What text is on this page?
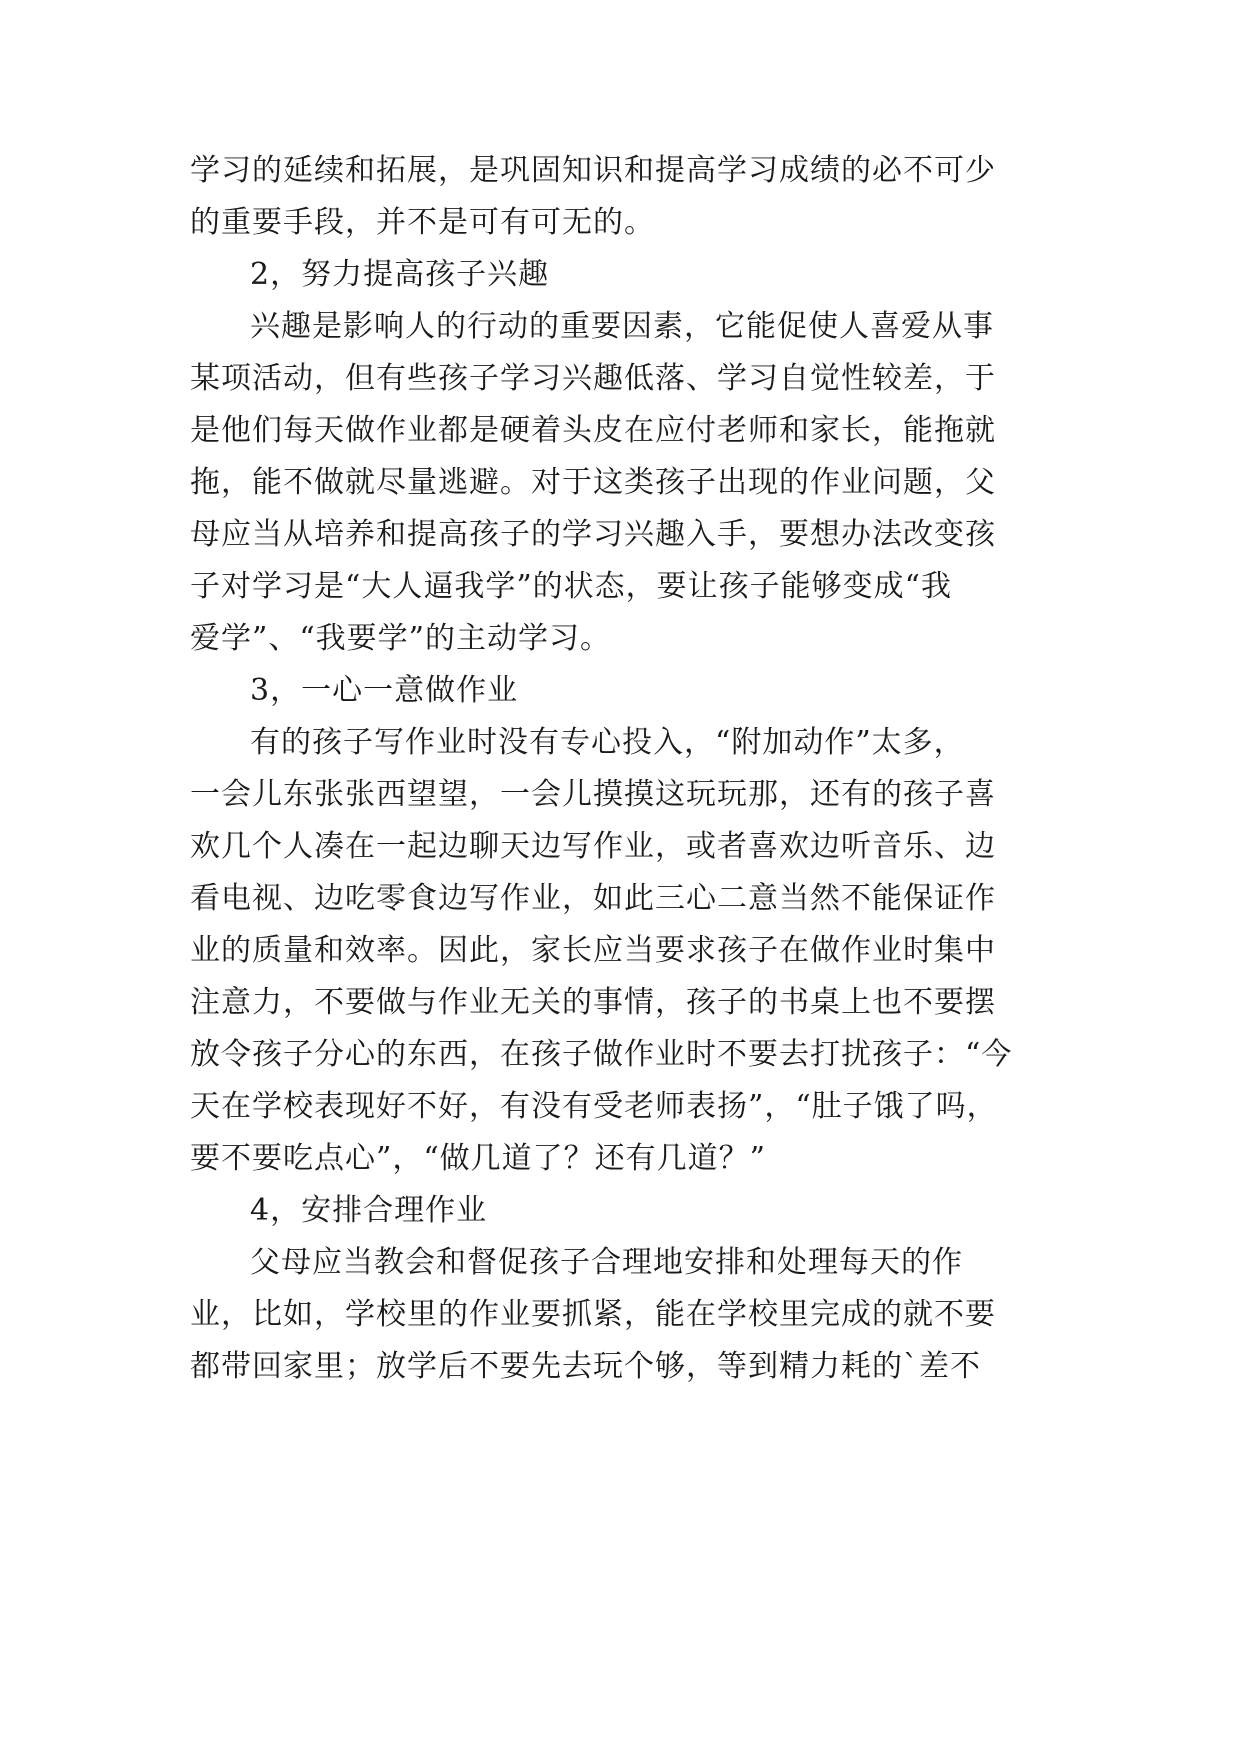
学习的延续和拓展，是巩固知识和提高学习成绩的必不可少

的重要手段，并不是可有可无的。

2，努力提高孩子兴趣

兴趣是影响人的行动的重要因素，它能促使人喜爱从事

某项活动，但有些孩子学习兴趣低落、学习自觉性较差，于

是他们每天做作业都是硬着头皮在应付老师和家长，能拖就

拖，能不做就尽量逃避。对于这类孩子出现的作业问题，父

母应当从培养和提高孩子的学习兴趣入手，要想办法改变孩

子对学习是“大人逼我学”的状态，要让孩子能够变成“我

爱学”、“我要学”的主动学习。

3，一心一意做作业

有的孩子写作业时没有专心投入，“附加动作”太多，

一会儿东张张西望望，一会儿摸摸这玩玩那，还有的孩子喜

欢几个人凑在一起边聊天边写作业，或者喜欢边听音乐、边

看电视、边吃零食边写作业，如此三心二意当然不能保证作

业的质量和效率。因此，家长应当要求孩子在做作业时集中

注意力，不要做与作业无关的事情，孩子的书桌上也不要摆

放令孩子分心的东西，在孩子做作业时不要去打扰孩子：“今

天在学校表现好不好，有没有受老师表扬”，“肚子饿了吗，

要不要吃点心”，“做几道了？还有几道？”

4，安排合理作业

父母应当教会和督促孩子合理地安排和处理每天的作

业，比如，学校里的作业要抓紧，能在学校里完成的就不要

都带回家里；放学后不要先去玩个够，等到精力耗的`差不
